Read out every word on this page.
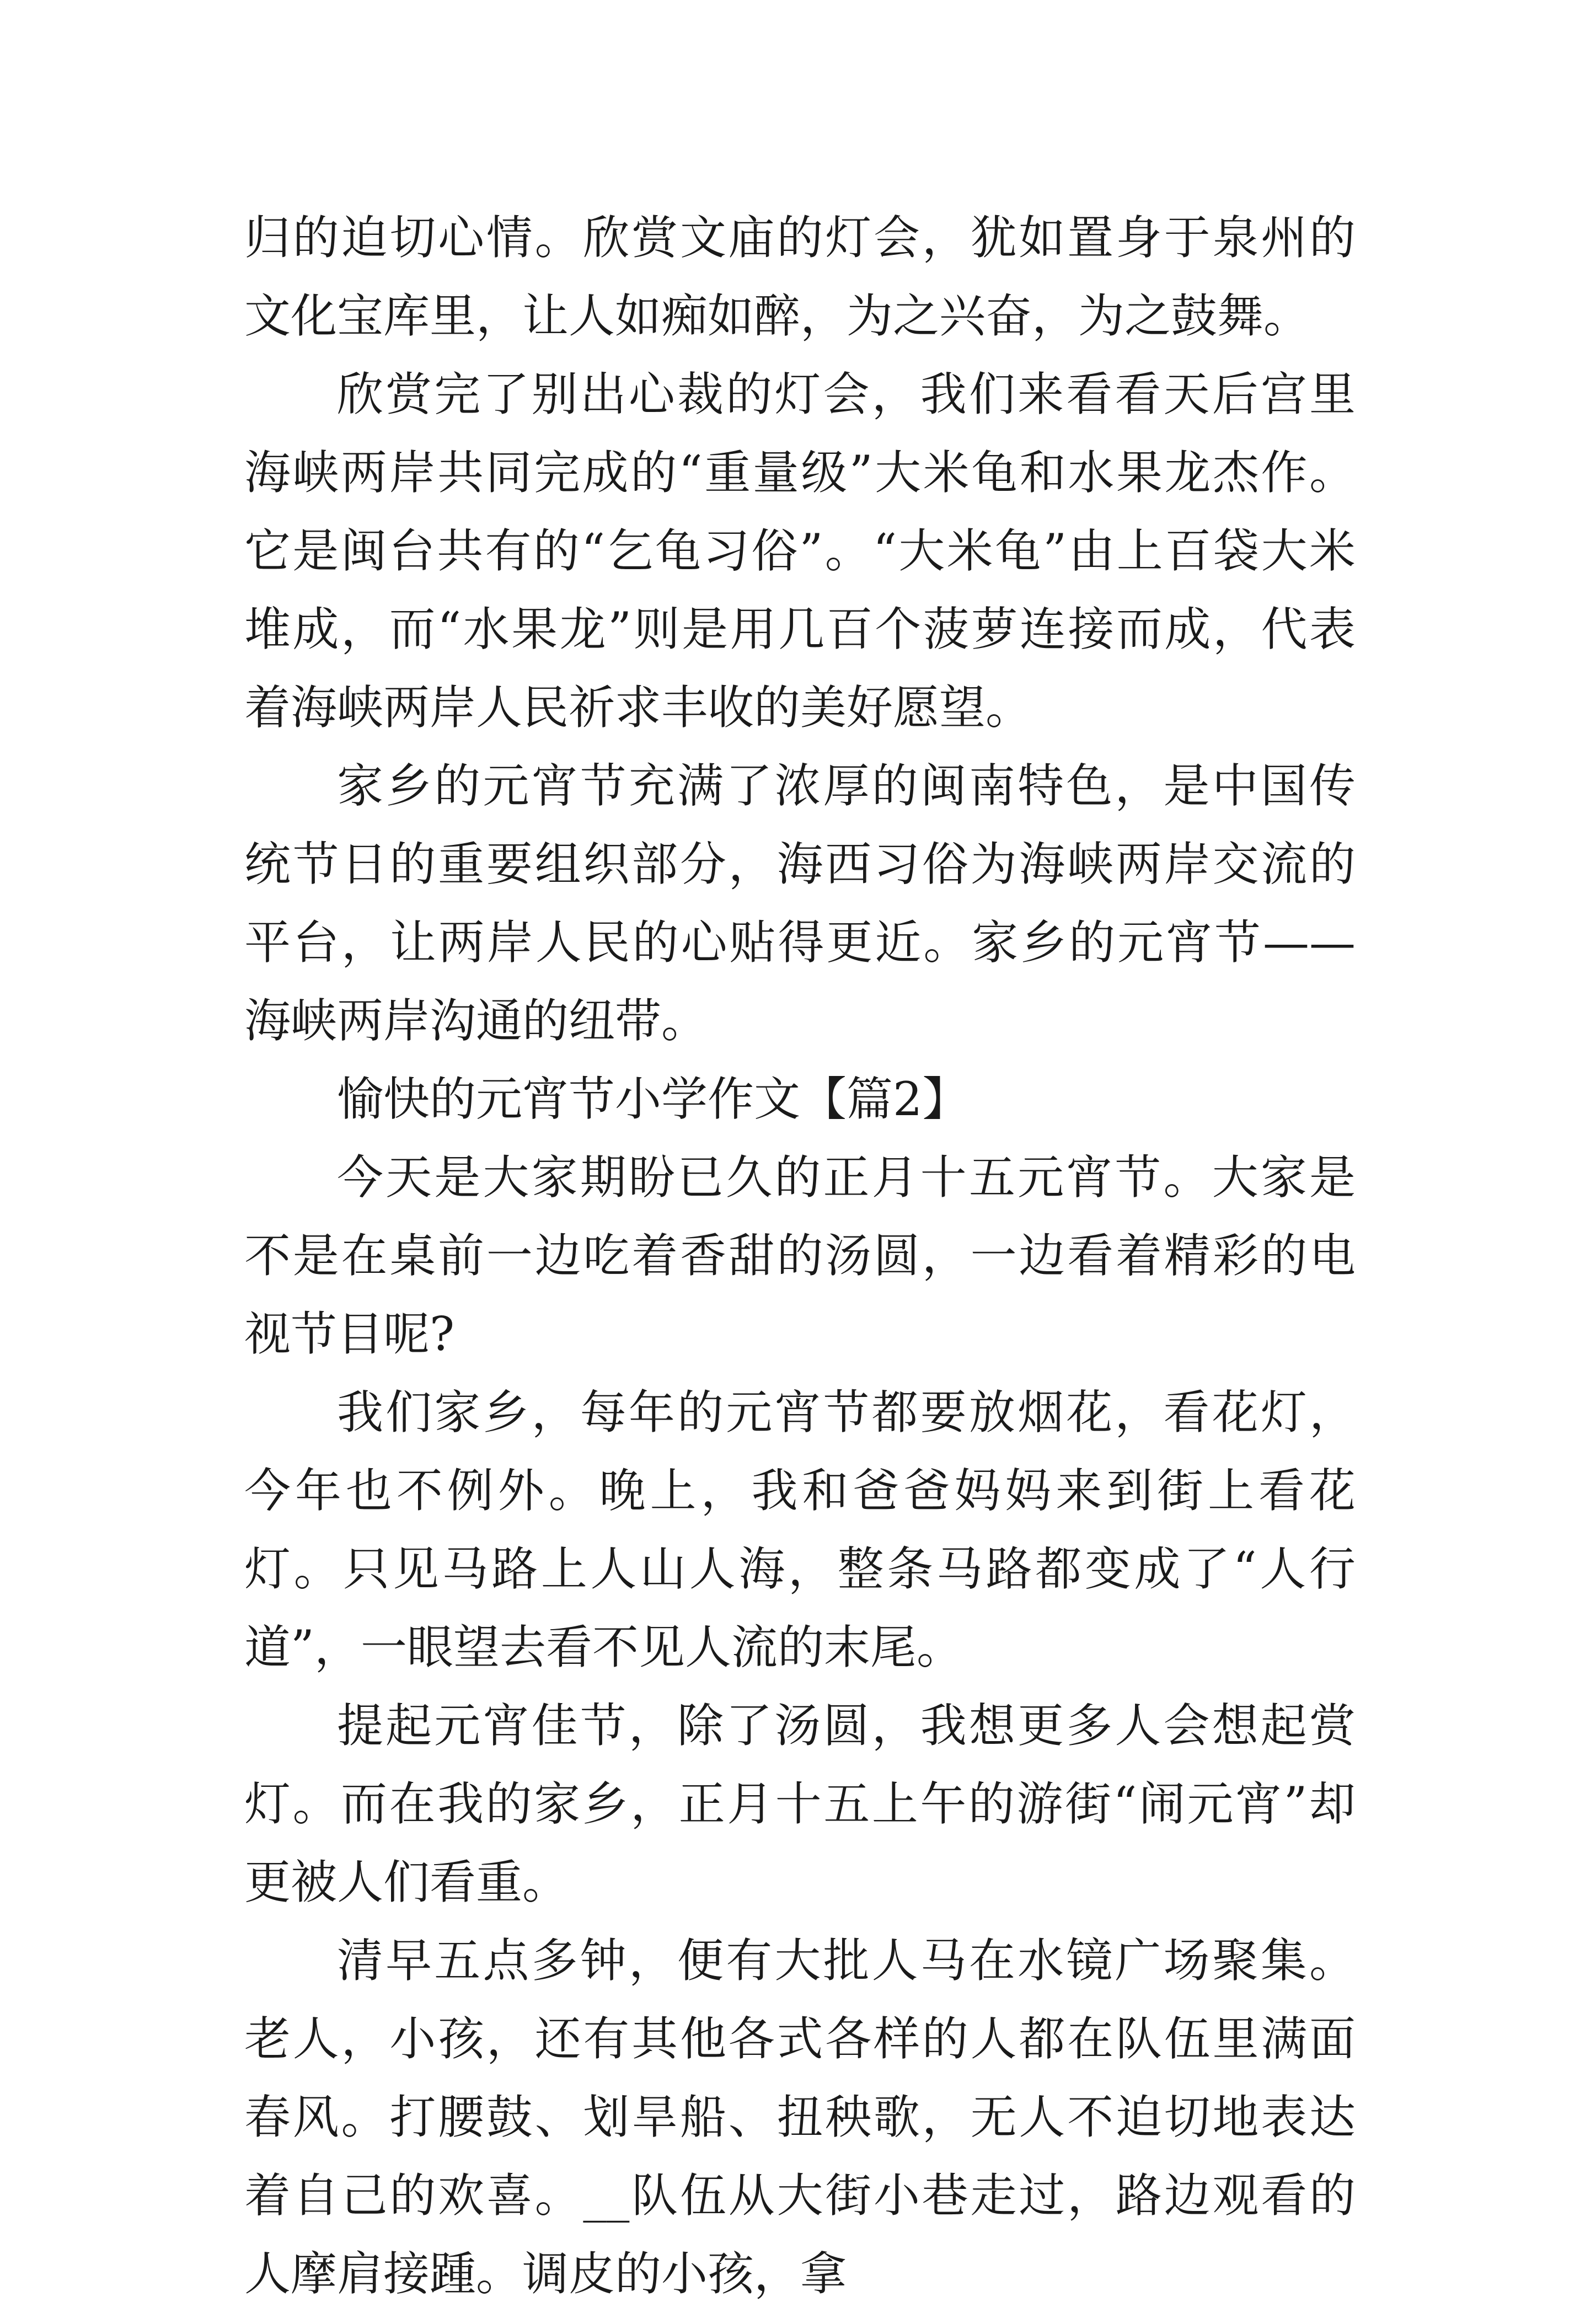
归的迫切心情。欣赏文庙的灯会，犹如置身于泉州的文化宝库里，让人如痴如醉，为之兴奋，为之鼓舞。

欣赏完了别出心裁的灯会，我们来看看天后宫里海峡两岸共同完成的“重量级”大米龟和水果龙杰作。它是闽台共有的“乞龟习俗”。“大米龟”由上百袋大米堆成，而“水果龙”则是用几百个菠萝连接而成，代表着海峡两岸人民祈求丰收的美好愿望。

家乡的元宵节充满了浓厚的闽南特色，是中国传统节日的重要组织部分，海西习俗为海峡两岸交流的平台，让两岸人民的心贴得更近。家乡的元宵节——海峡两岸沟通的纽带。

愉快的元宵节小学作文【篇2】

今天是大家期盼已久的正月十五元宵节。大家是不是在桌前一边吃着香甜的汤圆，一边看着精彩的电视节目呢?

我们家乡，每年的元宵节都要放烟花，看花灯，今年也不例外。晚上，我和爸爸妈妈来到街上看花灯。只见马路上人山人海，整条马路都变成了“人行道”，一眼望去看不见人流的末尾。

提起元宵佳节，除了汤圆，我想更多人会想起赏灯。而在我的家乡，正月十五上午的游街“闹元宵”却更被人们看重。

清早五点多钟，便有大批人马在水镜广场聚集。老人，小孩，还有其他各式各样的人都在队伍里满面春风。打腰鼓、划旱船、扭秧歌，无人不迫切地表达着自己的欢喜。__队伍从大街小巷走过，路边观看的人摩肩接踵。调皮的小孩，拿
